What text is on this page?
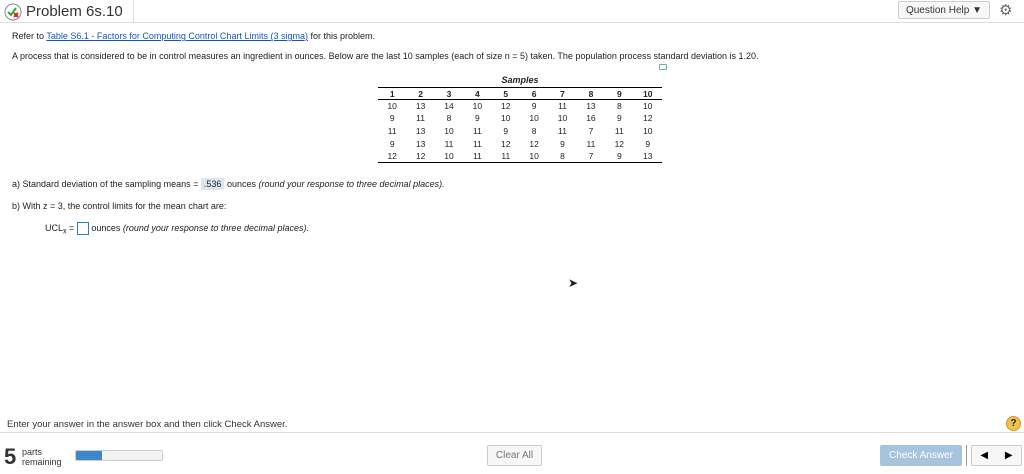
Problem 6s.10	Question Help
▼ ⚙
Refer to Table S6.1 - Factors for Computing Control Chart Limits (3 sigma) for this problem.
A process that is considered to be in control measures an ingredient in ounces. Below are the last 10 samples (each of size n = 5) taken. The population process standard deviation is 1.20.
Samples
1	2	3	4	5	6	7	8	9	10
10	13	14	10	12	9	11	13	8	10
9	11	8	9	10	10	10	16	9	12
11	13	10	11	9	8	11	7	11	10
9	13	11	11	12	12	9	11	12	9
12	12	10	11	11	10	8	7	9	13
a) Standard deviation of the sampling means = .536 ounces (round your response to three decimal places).
b) With z = 3, the control limits for the mean chart are:
$UCL_{x̄}$ = ounces (round your response to three decimal places).
➤
Enter your answer in the answer box and then click Check Answer.	?
5 parts
remaining
Clear All	Check Answer	◀ ▶
